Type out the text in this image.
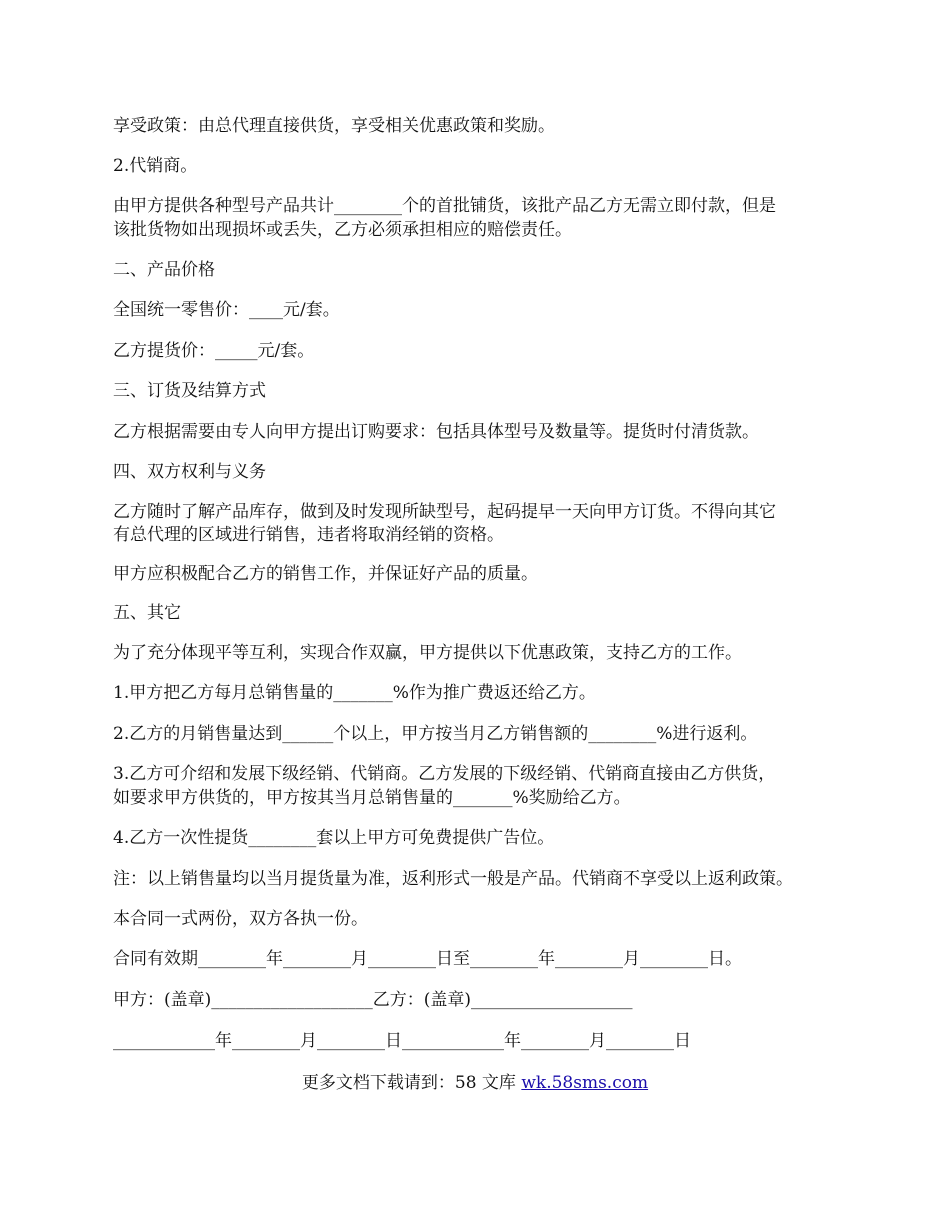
享受政策：由总代理直接供货，享受相关优惠政策和奖励。
2.代销商。
由甲方提供各种型号产品共计________个的首批铺货，该批产品乙方无需立即付款，但是
该批货物如出现损坏或丢失，乙方必须承担相应的赔偿责任。
二、产品价格
全国统一零售价：____元/套。
乙方提货价：_____元/套。
三、订货及结算方式
乙方根据需要由专人向甲方提出订购要求：包括具体型号及数量等。提货时付清货款。
四、双方权利与义务
乙方随时了解产品库存，做到及时发现所缺型号，起码提早一天向甲方订货。不得向其它
有总代理的区域进行销售，违者将取消经销的资格。
甲方应积极配合乙方的销售工作，并保证好产品的质量。
五、其它
为了充分体现平等互利，实现合作双赢，甲方提供以下优惠政策，支持乙方的工作。
1.甲方把乙方每月总销售量的_______%作为推广费返还给乙方。
2.乙方的月销售量达到______个以上，甲方按当月乙方销售额的________%进行返利。
3.乙方可介绍和发展下级经销、代销商。乙方发展的下级经销、代销商直接由乙方供货，
如要求甲方供货的，甲方按其当月总销售量的_______%奖励给乙方。
4.乙方一次性提货________套以上甲方可免费提供广告位。
注：以上销售量均以当月提货量为准，返利形式一般是产品。代销商不享受以上返利政策。
本合同一式两份，双方各执一份。
合同有效期________年________月________日至________年________月________日。
甲方：(盖章)___________________乙方：(盖章)___________________
____________年________月________日____________年________月________日
更多文档下载请到：58 文库 wk.58sms.com
